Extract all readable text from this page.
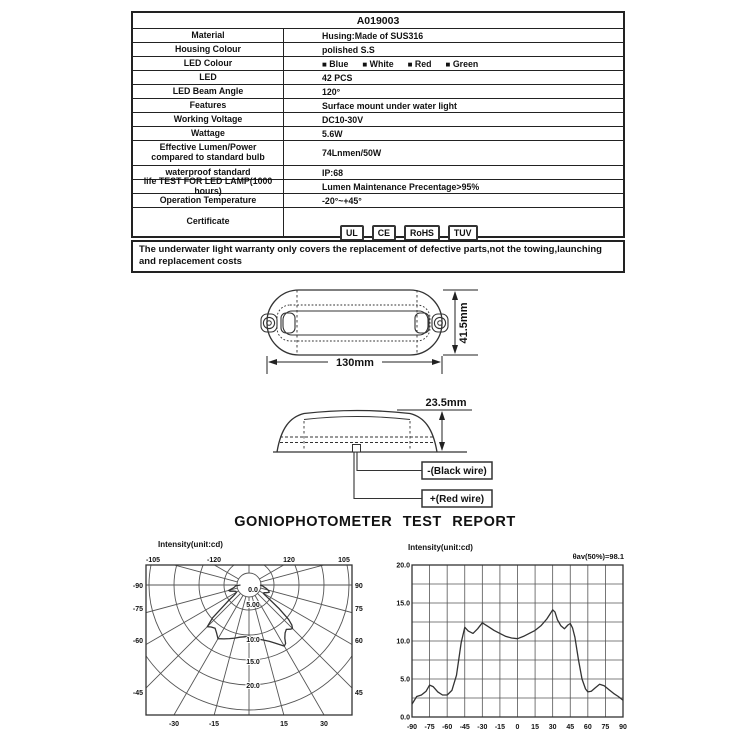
A019003
Material	Husing:Made of SUS316
Housing Colour	polished S.S
LED Colour	■ Blue ■ White ■ Red ■ Green
LED	42 PCS
LED Beam Angle	120°
Features	Surface mount under water light
Working Voltage	DC10-30V
Wattage	5.6W
Effective Lumen/Power compared to standard bulb	74Lnmen/50W
waterproof standard	IP:68
life TEST FOR LED LAMP(1000 hours)	Lumen Maintenance Precentage>95%
Operation Temperature	-20°~+45°
Certificate
UL	CE	RoHS	TUV
The underwater light warranty only covers the replacement of defective parts,not the towing,launching and replacement costs
130mm
41.5mm
23.5mm
-(Black wire)
+(Red wire)
GONIOPHOTOMETER TEST REPORT
Intensity(unit:cd)	Intensity(unit:cd)
θav(50%)=98.1
-105	-120	120	105
-90
-75
-60
-45
90
75
60
45
-30	-15	15	30
0.0
5.00
10.0
15.0
20.0
0.0
5.0
10.0
15.0
20.0
-90 -75 -60 -45 -30 -15 0 15 30 45 60 75 90
